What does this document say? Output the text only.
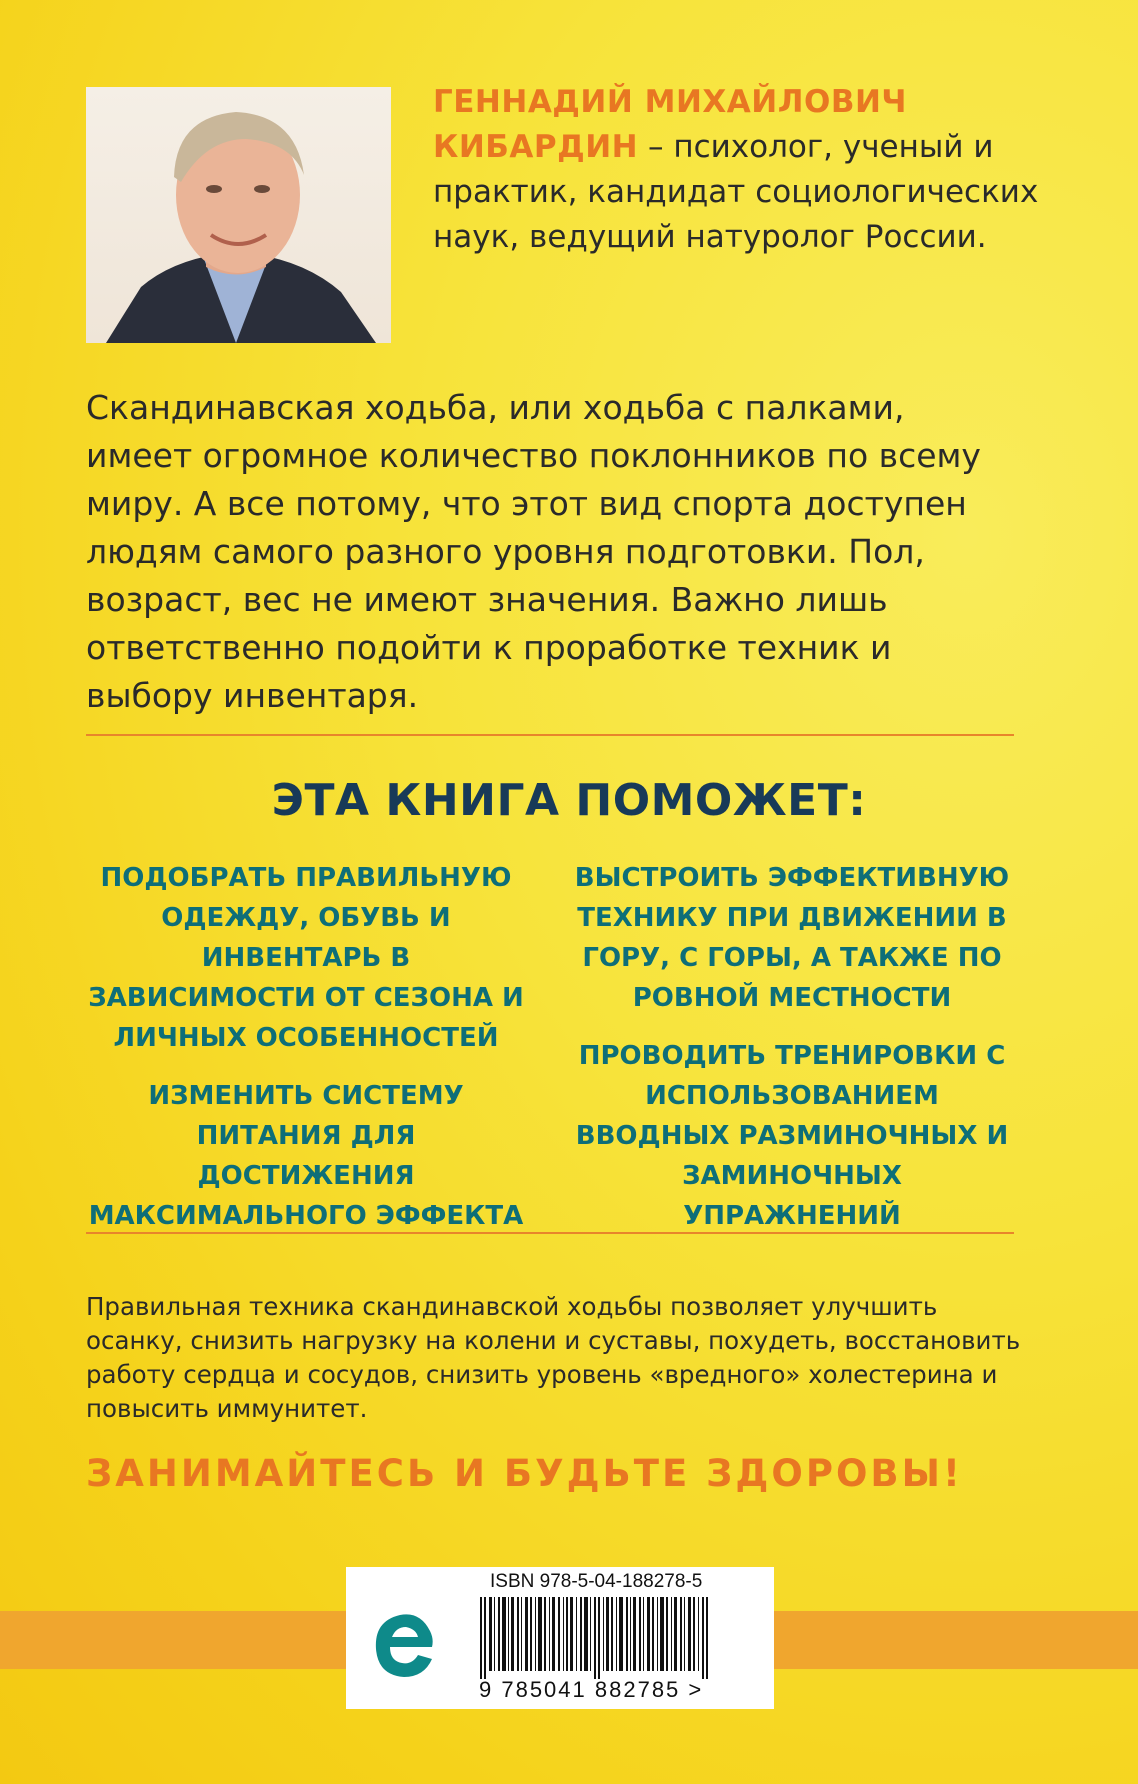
ГЕННАДИЙ МИХАЙЛОВИЧ КИБАРДИН – психолог, ученый и практик, кандидат социологических наук, ведущий натуролог России.
Скандинавская ходьба, или ходьба с палками, имеет огромное количество поклонников по всему миру. А все потому, что этот вид спорта доступен людям самого разного уровня подготовки. Пол, возраст, вес не имеют значения. Важно лишь ответственно подойти к проработке техник и выбору инвентаря.
ЭТА КНИГА ПОМОЖЕТ:

ПОДОБРАТЬ ПРАВИЛЬНУЮ ОДЕЖДУ, ОБУВЬ И ИНВЕНТАРЬ В ЗАВИСИМОСТИ ОТ СЕЗОНА И ЛИЧНЫХ ОСОБЕННОСТЕЙ

ИЗМЕНИТЬ СИСТЕМУ ПИТАНИЯ ДЛЯ ДОСТИЖЕНИЯ МАКСИМАЛЬНОГО ЭФФЕКТА

ВЫСТРОИТЬ ЭФФЕКТИВНУЮ ТЕХНИКУ ПРИ ДВИЖЕНИИ В ГОРУ, С ГОРЫ, А ТАКЖЕ ПО РОВНОЙ МЕСТНОСТИ

ПРОВОДИТЬ ТРЕНИРОВКИ С ИСПОЛЬЗОВАНИЕМ ВВОДНЫХ РАЗМИНОЧНЫХ И ЗАМИНОЧНЫХ УПРАЖНЕНИЙ

Правильная техника скандинавской ходьбы позволяет улучшить осанку, снизить нагрузку на колени и суставы, похудеть, восстановить работу сердца и сосудов, снизить уровень «вредного» холестерина и повысить иммунитет.
ЗАНИМАЙТЕСЬ И БУДЬТЕ ЗДОРОВЫ!
ISBN 978-5-04-188278-5
9 785041 882785 >
